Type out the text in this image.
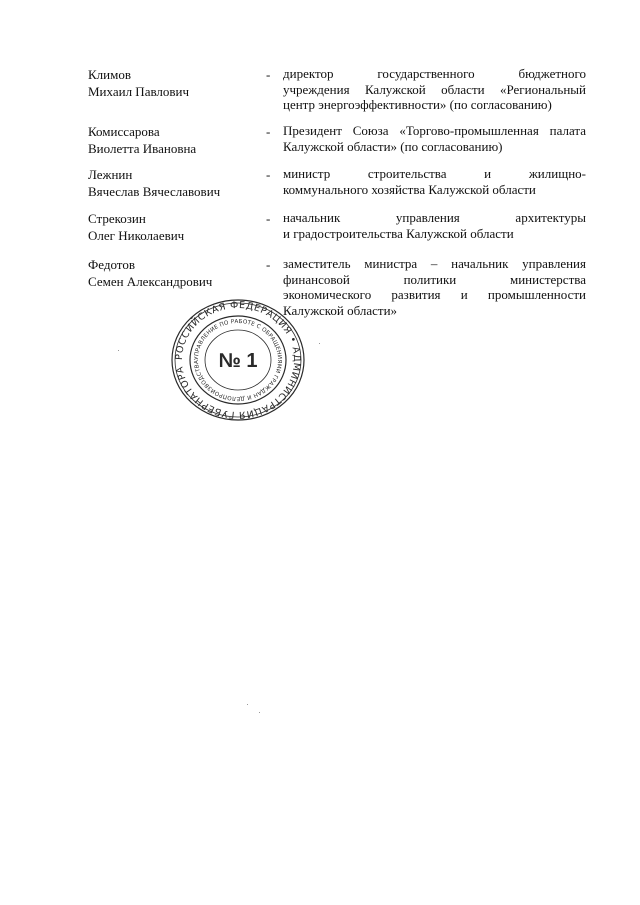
Климов
Михаил Павлович
- директор государственного бюджетного
учреждения Калужской области «Региональный
центр энергоэффективности» (по согласованию)
Комиссарова
Виолетта Ивановна
- Президент Союза «Торгово-промышленная палата
Калужской области» (по согласованию)
Лежнин
Вячеслав Вячеславович
- министр строительства и жилищно-
коммунального хозяйства Калужской области
Стрекозин
Олег Николаевич
- начальник управления архитектуры
и градостроительства Калужской области
Федотов
Семен Александрович
- заместитель министра – начальник управления
финансовой политики министерства
экономического развития и промышленности
Калужской области»
РОССИЙСКАЯ ФЕДЕРАЦИЯ • АДМИНИСТРАЦИЯ ГУБЕРНАТОРА
УПРАВЛЕНИЕ ПО РАБОТЕ С ОБРАЩЕНИЯМИ ГРАЖДАН И ДЕЛОПРОИЗВОДСТВА № 1
